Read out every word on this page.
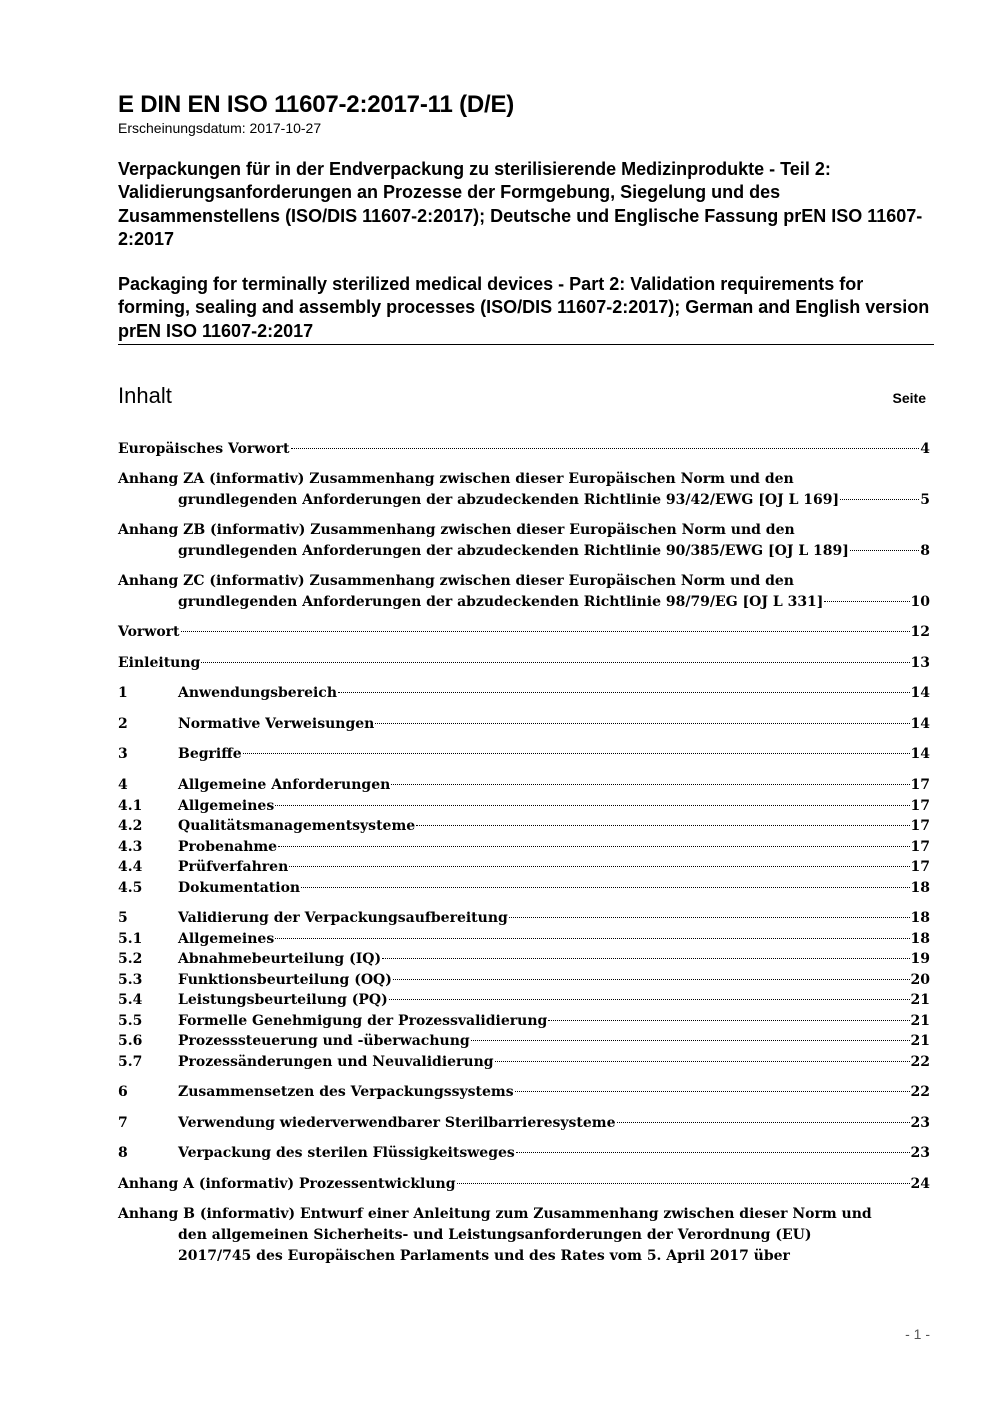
E DIN EN ISO 11607-2:2017-11 (D/E)
Erscheinungsdatum: 2017-10-27
Verpackungen für in der Endverpackung zu sterilisierende Medizinprodukte - Teil 2: Validierungsanforderungen an Prozesse der Formgebung, Siegelung und des Zusammenstellens (ISO/DIS 11607-2:2017); Deutsche und Englische Fassung prEN ISO 11607-2:2017
Packaging for terminally sterilized medical devices - Part 2: Validation requirements for forming, sealing and assembly processes (ISO/DIS 11607-2:2017); German and English version prEN ISO 11607-2:2017
Inhalt	Seite
Europäisches Vorwort	4
Anhang ZA (informativ) Zusammenhang zwischen dieser Europäischen Norm und den
grundlegenden Anforderungen der abzudeckenden Richtlinie 93/42/EWG [OJ L 169]	5
Anhang ZB (informativ) Zusammenhang zwischen dieser Europäischen Norm und den
grundlegenden Anforderungen der abzudeckenden Richtlinie 90/385/EWG [OJ L 189]	8
Anhang ZC (informativ) Zusammenhang zwischen dieser Europäischen Norm und den
grundlegenden Anforderungen der abzudeckenden Richtlinie 98/79/EG [OJ L 331]	10
Vorwort	12
Einleitung	13
1	Anwendungsbereich	14
2	Normative Verweisungen	14
3	Begriffe	14
4	Allgemeine Anforderungen	17
4.1	Allgemeines	17
4.2	Qualitätsmanagementsysteme	17
4.3	Probenahme	17
4.4	Prüfverfahren	17
4.5	Dokumentation	18
5	Validierung der Verpackungsaufbereitung	18
5.1	Allgemeines	18
5.2	Abnahmebeurteilung (IQ)	19
5.3	Funktionsbeurteilung (OQ)	20
5.4	Leistungsbeurteilung (PQ)	21
5.5	Formelle Genehmigung der Prozessvalidierung	21
5.6	Prozesssteuerung und -überwachung	21
5.7	Prozessänderungen und Neuvalidierung	22
6	Zusammensetzen des Verpackungssystems	22
7	Verwendung wiederverwendbarer Sterilbarrieresysteme	23
8	Verpackung des sterilen Flüssigkeitsweges	23
Anhang A (informativ) Prozessentwicklung	24
Anhang B (informativ) Entwurf einer Anleitung zum Zusammenhang zwischen dieser Norm und
den allgemeinen Sicherheits- und Leistungsanforderungen der Verordnung (EU)
2017/745 des Europäischen Parlaments und des Rates vom 5. April 2017 über
- 1 -
